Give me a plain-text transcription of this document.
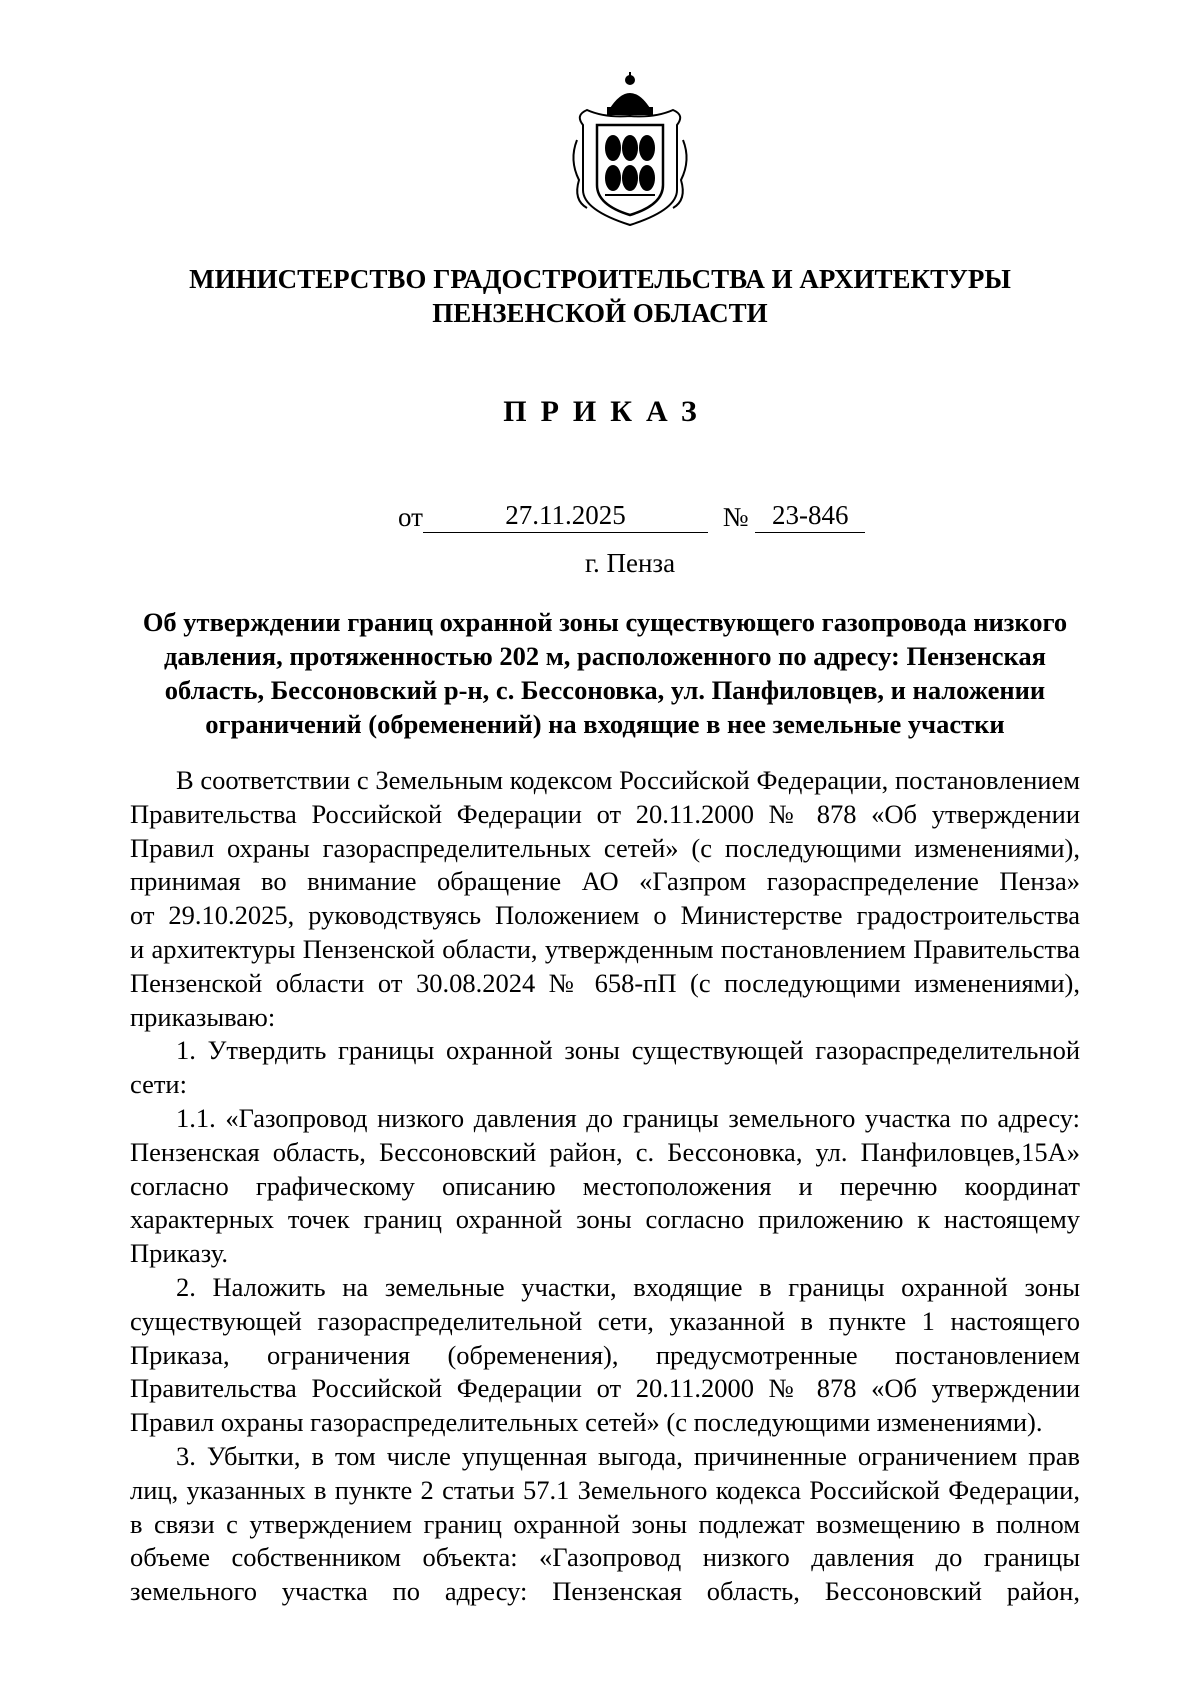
МИНИСТЕРСТВО ГРАДОСТРОИТЕЛЬСТВА И АРХИТЕКТУРЫ
ПЕНЗЕНСКОЙ ОБЛАСТИ
ПРИКАЗ
от	27.11.2025	№ 23-846
г. Пенза
Об утверждении границ охранной зоны существующего газопровода низкого
давления, протяженностью 202 м, расположенного по адресу: Пензенская
область, Бессоновский р-н, с. Бессоновка, ул. Панфиловцев, и наложении
ограничений (обременений) на входящие в нее земельные участки
В соответствии с Земельным кодексом Российской Федерации, постановлением
Правительства Российской Федерации от 20.11.2000 № 878 «Об утверждении
Правил охраны газораспределительных сетей» (с последующими изменениями),
принимая во внимание обращение АО «Газпром газораспределение Пенза»
от 29.10.2025, руководствуясь Положением о Министерстве градостроительства
и архитектуры Пензенской области, утвержденным постановлением Правительства
Пензенской области от 30.08.2024 № 658-пП (с последующими изменениями),
приказываю:
1. Утвердить границы охранной зоны существующей газораспределительной
сети:
1.1. «Газопровод низкого давления до границы земельного участка по адресу:
Пензенская область, Бессоновский район, с. Бессоновка, ул. Панфиловцев,15А»
согласно графическому описанию местоположения и перечню координат
характерных точек границ охранной зоны согласно приложению к настоящему
Приказу.
2. Наложить на земельные участки, входящие в границы охранной зоны
существующей газораспределительной сети, указанной в пункте 1 настоящего
Приказа, ограничения (обременения), предусмотренные постановлением
Правительства Российской Федерации от 20.11.2000 № 878 «Об утверждении
Правил охраны газораспределительных сетей» (с последующими изменениями).
3. Убытки, в том числе упущенная выгода, причиненные ограничением прав
лиц, указанных в пункте 2 статьи 57.1 Земельного кодекса Российской Федерации,
в связи с утверждением границ охранной зоны подлежат возмещению в полном
объеме собственником объекта: «Газопровод низкого давления до границы
земельного участка по адресу: Пензенская область, Бессоновский район,
